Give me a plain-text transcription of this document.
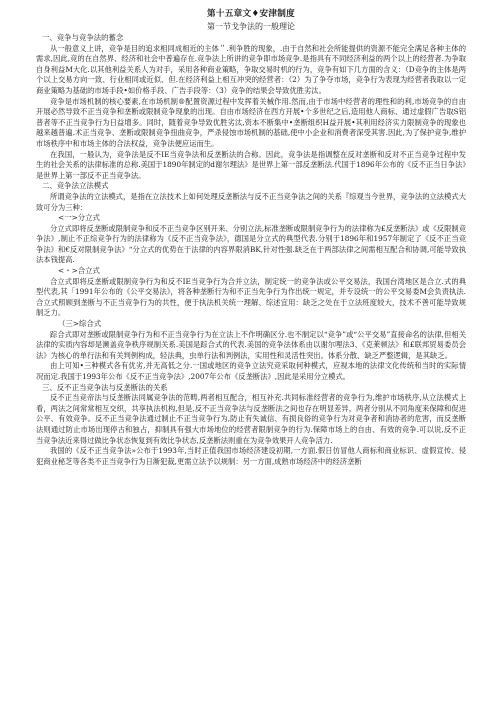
第十五章文♦安津制度
第一节戈争法的一般理论
一、竞争与竞争法的蓄念
从一般意义上讲，竞争是目的追求相同成相近的主体＂.利争胜的现象，.由于自然和社会所能提供的资源不能完全满足各种主体的需求,因此,竞的在自然界、经济和社会中普遍存在.竞争法上所讲的竞争即市场竞争.是指具有不同经济利益的两个以上的经营者.为争取自身利益M大化.以其他利益关系人为对手，采用各种商业策略，争取交易时机的行为，竞争有如下几方面的含义：（D竞争的主体是两个以上交易方向一致、行业相同或近似、但.在经济利益上相互冲突的经营者：（2）为了争夺市场，竞争行为表现为经营者我取以一定商业策略为基础的市场手段•如价格手段、广告手段等：（3）竞争的结果会导致优胜劣汰。
竞争是市场机制的核心要素,在市场机制®配置资源过程中发挥着关械作用.然而,由于市场中经营者的理性和的利,市场竞争的自由开展必然导致不正当竞争和垄断或限制竞争现象的出现。自由市场经济在西方开展•个多世纪之后,造用他人商标、通过虚假广告取S铝普者等不正当竞争行为日益增多。同时，随着竞争导致优胜劣汰,资本不断集中•垄断组织H益开展•其利用经济实力限制竞争的现象也越来越普遍.术正当竞争、垄断或限制竞争扭曲竞争，严杀侵蚀市场机制的基础,使中小企业和消费者深受其害.因此,为了保护竞争,维护市场秩序中和市场主体的合法权益，竞争法便应运而生。
在我国，一般认为，竞争法是反不IE当竞争法和反垄断法的合称。因此，竞争法是指调整在反对垄断和反对不正当竞争过程中发生的社会关系的法律标准的总称.美国于1890年制定的d谢尔理法》是世界上第一部反垄断法.代国于1896年公布的《反不正当日争法》是世界上第一部反不正当竞争法。
二、竞争法立法模式
所谓竞争法的立法模式，是指在立法技术上如何处理反垄断法与反不正当竞争法之间的关系『综观当今世界，竞争法的立法模式大致可分为三种：
<一>分立式
分立式即将反垄断或限制竞争和反不正当竞争区别开来、分别立法,标准垄断或限制竞争行为的法律称为£反垄断法》或《反限制竞争法》,制止不正综竞争行为的法律称为《反不正当竞争法》，德国是分立式的典型代表.分别于1896年和1957年制定了《反不正当竞争法》和€反对限制竞争法》“分立式的优势在于法律的内容界限消BK,针对性强.缺乏在于两部法律之间需相互配合和协调,可能导致执法本钱提高.
<・>合立式
合立式即将反垄断或限制竞争行为和反不IE当竞争行为合并立法，制定统一的竞争法或公平交易法，我国台湾地区是合立.式的典型代表,其「1991年公布的《公平交易法》，将各种垄断行为和不正当先争行为作出统一规定，并专设统一的公平交易委M会负责执法.合立式照顾到垄断与不正当竞争行为的共性，便于执法机关统一理解、综述宜用：缺乏之处在于立法班度较大，技术不善可能导致规制乏力。
（三>综合式
踪合式即对垄断或限制竞争行为和不正当竞争行为在立法上不作明确区分.也不制定以“竞争”或“公平交易”直接命名的法律,但相关法律的实质内容却是濒盖竞争秩序规制关系.美国是踪合式的代表.美国的竞争法体系由以谢尔哩法3、《克莱顿法》和£联邦贸易委员会法》为核心的单行法和有关判例构成，轻法典，虫单行法和判例法，实用性和灵活性突出。体系分散、缺乏严整逻辑，是其缺乏。
由上可知•三种模式各有优劣,并无高低之分.一国或地区的竞争立法究竞采取何种模式，应视本地的法律文化传统和当时的实际情况而定.我国于1993年公布《反不正当竞争法》,2007年公布《反垄断法》,因此是采用分立模式。
三、反不正当竞争法与反垄断法的关系
反不正当竞帝法与反垄断法同属竞争法的范畴,两者相互配合，相互补充.共同标准经营者的竞争行为,维护市场秩序,从立法模式上看，两法之间常常相互交织，共享执法机构,但是,反不正当竞争法与反垄断法之间也存在明显差异，两者分别从不同角度来保障和促进公平、有效竞争。反不正当竞争法通过制止不正当竞争行为,防止有失诚信、有损良俗的竞争行为对竞争者和消协者的危害，而反垄断法则通过防止市场出现停古和独占，抑制具有强大市场地位的经营者限制竞争的行为.保障市场上的自由、有效的竞争.可以说,反不正当竞争法近来得过做比争状态恢复到有效比争状态,反垄断法则重在为竞争效果开人竞争活力.
我国的《反不正当竞争法»公布于1993年,当时正值我国市场经济建设初期,一方面.假日仿冒他人商标和商业标识、虚假宣传、侵犯商业秘芝等各类不正当竞争行为日渐犯裁,更需立法予以规制：另一方面,成熟市场经济中的经济垄断
